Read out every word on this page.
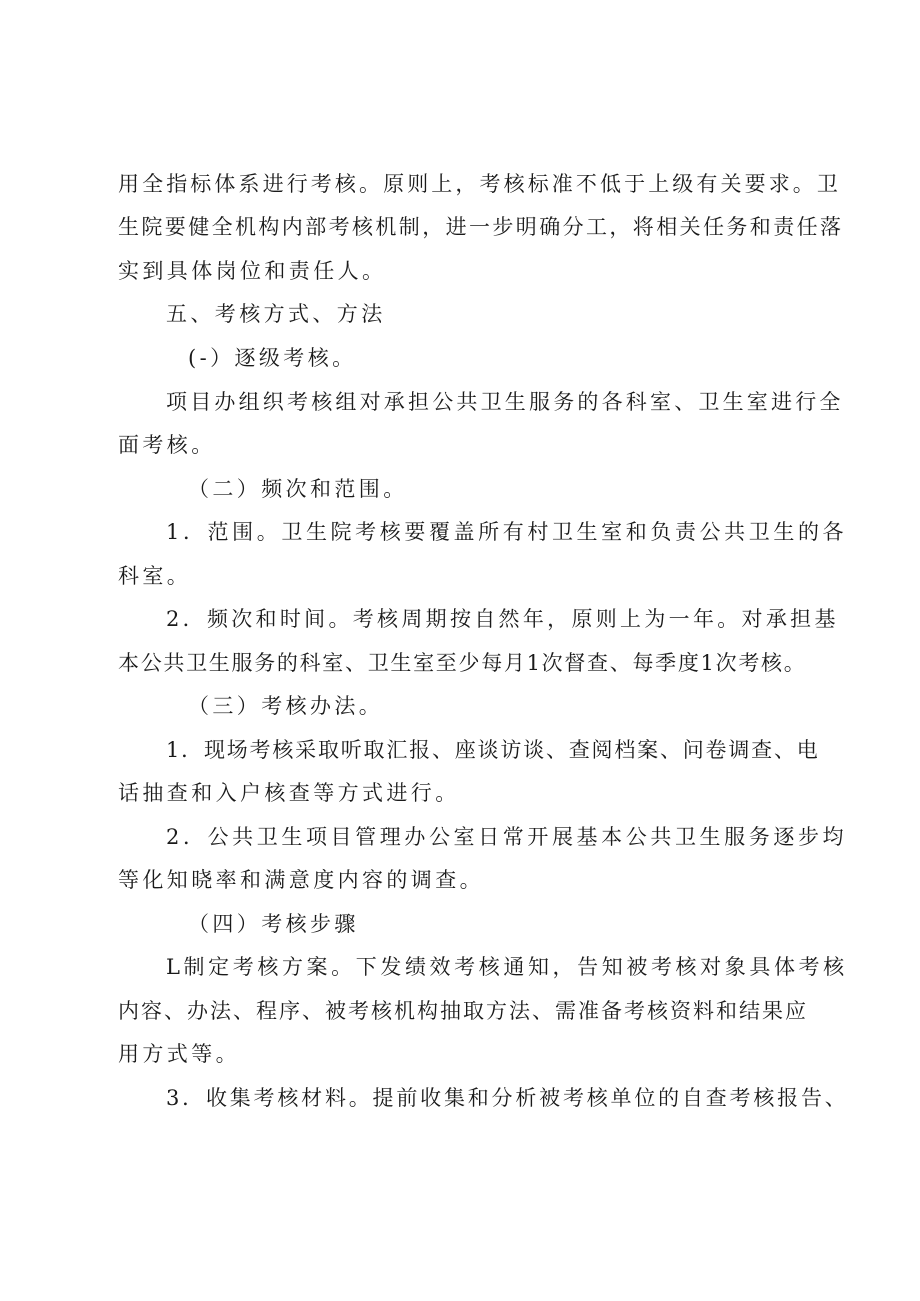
用全指标体系进行考核。原则上，考核标准不低于上级有关要求。卫
生院要健全机构内部考核机制，进一步明确分工，将相关任务和责任落
实到具体岗位和责任人。
五、考核方式、方法
(-）逐级考核。
项目办组织考核组对承担公共卫生服务的各科室、卫生室进行全
面考核。
（二）频次和范围。
1．范围。卫生院考核要覆盖所有村卫生室和负责公共卫生的各
科室。
2．频次和时间。考核周期按自然年，原则上为一年。对承担基
本公共卫生服务的科室、卫生室至少每月1次督查、每季度1次考核。
（三）考核办法。
1．现场考核采取听取汇报、座谈访谈、查阅档案、问卷调查、电
话抽查和入户核查等方式进行。
2．公共卫生项目管理办公室日常开展基本公共卫生服务逐步均
等化知晓率和满意度内容的调查。
（四）考核步骤
L制定考核方案。下发绩效考核通知，告知被考核对象具体考核
内容、办法、程序、被考核机构抽取方法、需准备考核资料和结果应
用方式等。
3．收集考核材料。提前收集和分析被考核单位的自查考核报告、
